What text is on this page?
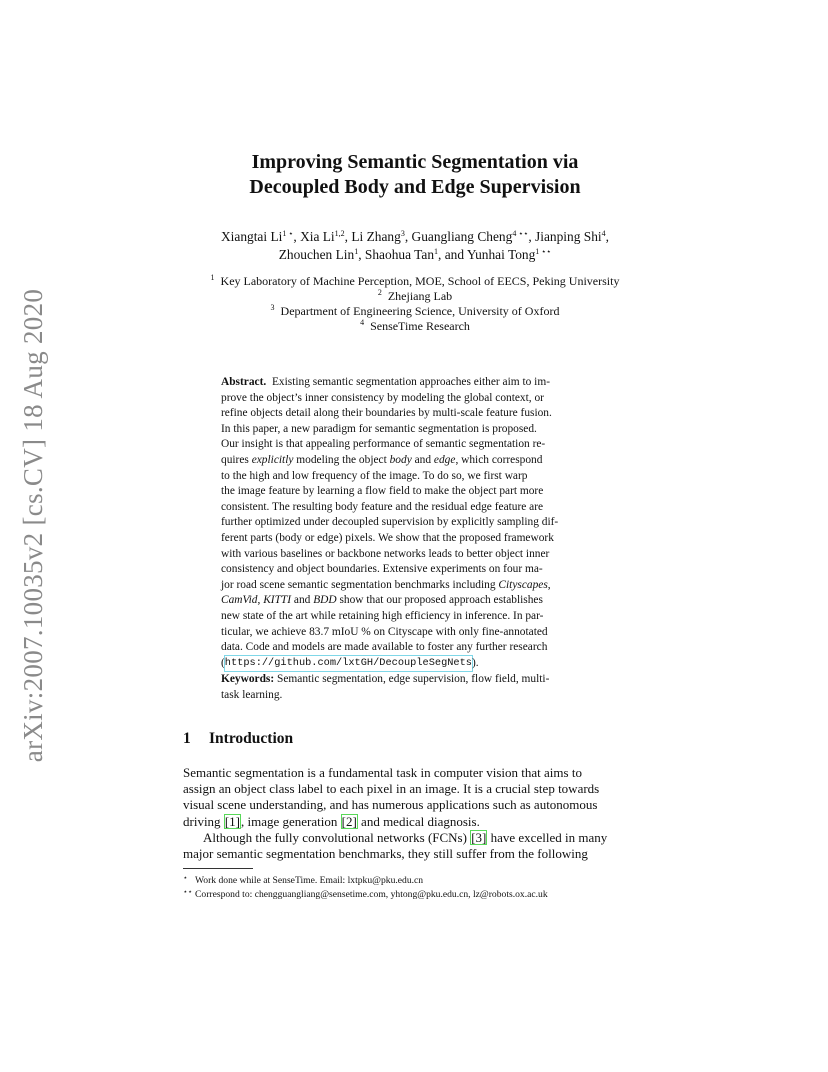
arXiv:2007.10035v2 [cs.CV] 18 Aug 2020
Improving Semantic Segmentation via
Decoupled Body and Edge Supervision
Xiangtai $Li^{1 ⋆}$, Xia Li$^{1,2}$, Li Zhang$^3$, Guangliang Cheng$^{4 ⋆⋆}$, Jianping Shi$^4$,
Zhouchen Lin$^1$, Shaohua Tan$^1$, and Yunhai Tong$^{1 ⋆⋆}$
$^1$ Key Laboratory of Machine Perception, MOE, School of EECS, Peking University
$^2$ Zhejiang Lab
$^3$ Department of Engineering Science, University of Oxford
$^4$ SenseTime Research
Abstract. Existing semantic segmentation approaches either aim to im-
prove the object’s inner consistency by modeling the global context, or
refine objects detail along their boundaries by multi-scale feature fusion.
In this paper, a new paradigm for semantic segmentation is proposed.
Our insight is that appealing performance of semantic segmentation re-
quires explicitly modeling the object body and edge, which correspond
to the high and low frequency of the image. To do so, we first warp
the image feature by learning a flow field to make the object part more
consistent. The resulting body feature and the residual edge feature are
further optimized under decoupled supervision by explicitly sampling dif-
ferent parts (body or edge) pixels. We show that the proposed framework
with various baselines or backbone networks leads to better object inner
consistency and object boundaries. Extensive experiments on four ma-
jor road scene semantic segmentation benchmarks including Cityscapes,
CamVid, KITTI and BDD show that our proposed approach establishes
new state of the art while retaining high efficiency in inference. In par-
ticular, we achieve 83.7 mIoU % on Cityscape with only fine-annotated
data. Code and models are made available to foster any further research
( https://github.com/lxtGH/DecoupleSegNets ).
Keywords: Semantic segmentation, edge supervision, flow field, multi-
task learning.
1 Introduction
Semantic segmentation is a fundamental task in computer vision that aims to
assign an object class label to each pixel in an image. It is a crucial step towards
visual scene understanding, and has numerous applications such as autonomous
driving [1], image generation [2] and medical diagnosis.
Although the fully convolutional networks (FCNs) [3] have excelled in many
major semantic segmentation benchmarks, they still suffer from the following
⋆ Work done while at SenseTime. Email: lxtpku@pku.edu.cn
⋆⋆ Correspond to: chengguangliang@sensetime.com, yhtong@pku.edu.cn, lz@robots.ox.ac.uk
